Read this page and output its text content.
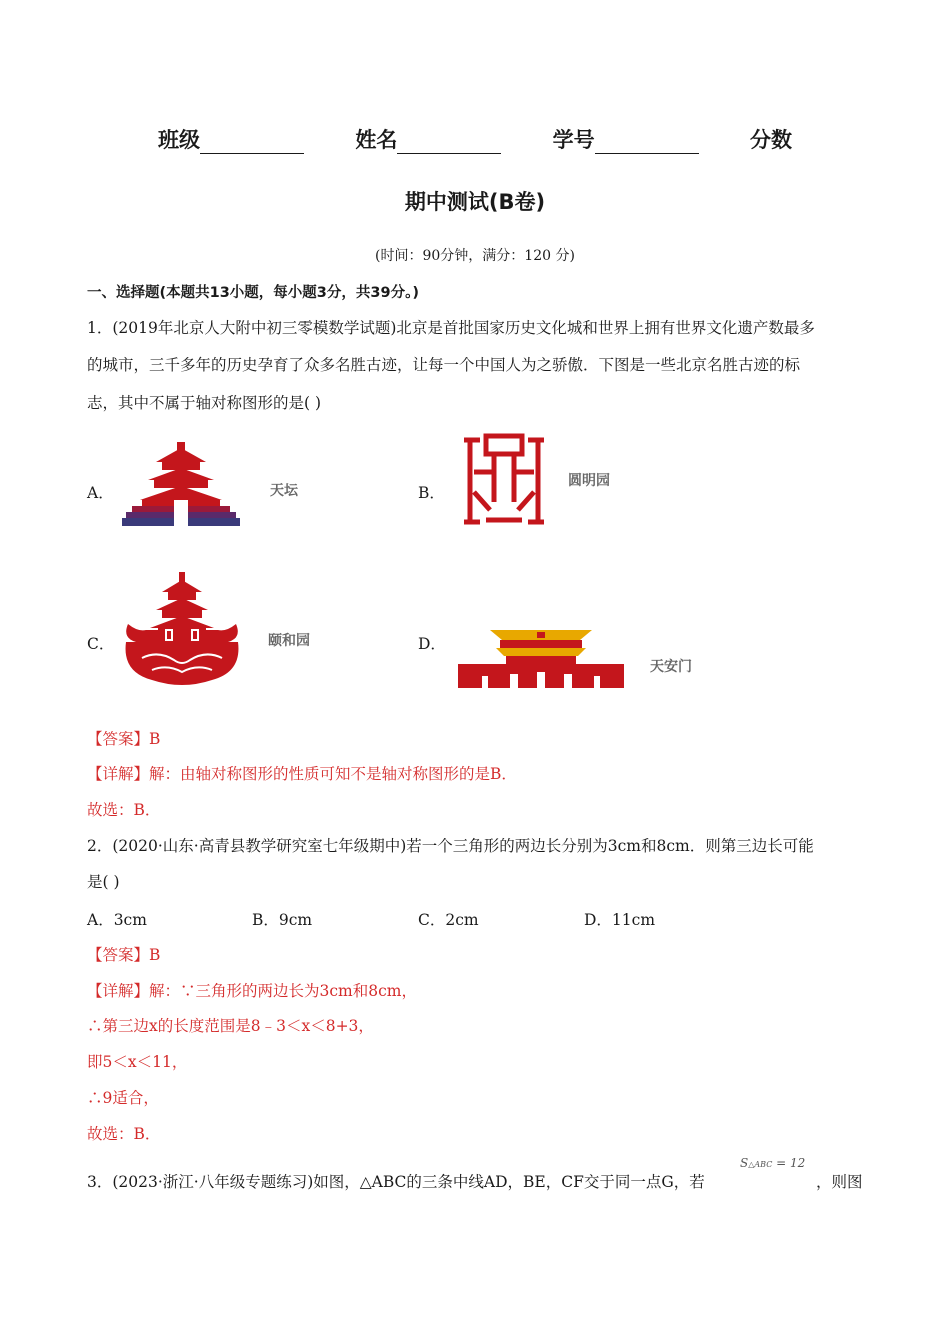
班级	姓名	学号	分数
期中测试(B卷)
(时间：90分钟，满分：120 分)
一、选择题(本题共13小题，每小题3分，共39分。)
1．(2019年北京人大附中初三零模数学试题)北京是首批国家历史文化城和世界上拥有世界文化遗产数最多
的城市，三千多年的历史孕育了众多名胜古迹，让每一个中国人为之骄傲．下图是一些北京名胜古迹的标
志，其中不属于轴对称图形的是( )
A．	天坛	B．
圆明园
C．	颐和园	D．
天安门
【答案】B
【详解】解：由轴对称图形的性质可知不是轴对称图形的是B．
故选：B．
2．(2020·山东·高青县教学研究室七年级期中)若一个三角形的两边长分别为3cm和8cm．则第三边长可能
是( )
A．3cm	B．9cm	C．2cm	D．11cm
【答案】B
【详解】解：∵三角形的两边长为3cm和8cm，
∴第三边x的长度范围是8﹣3＜x＜8+3，
即5＜x＜11，
∴9适合，
故选：B．
3．(2023·浙江·八年级专题练习)如图，△ABC的三条中线AD，BE，CF交于同一点G，若
S△ABC = 12
，则图
